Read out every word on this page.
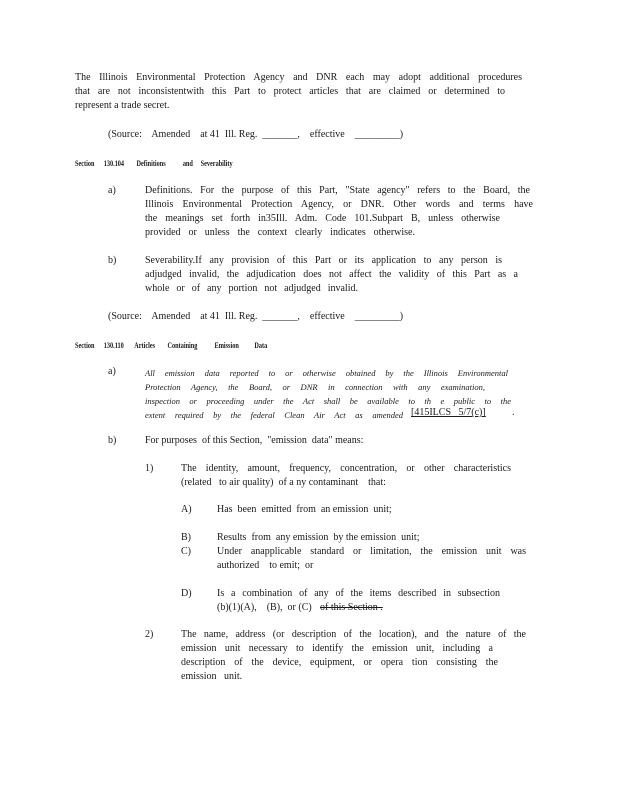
The Illinois Environmental Protection Agency and DNR each may adopt additional procedures
that are not inconsistentwith this Part to protect articles that are claimed or determined to
represent a trade secret.
(Source:    Amended    at 41  Ill. Reg.  _______,    effective    _________)
Section      130.104        Definitions           and     Severability
a)	Definitions. For the purpose of this Part, "State agency" refers to the Board, the
Illinois Environmental Protection Agency, or DNR. Other words and terms have
the meanings set forth in35Ill. Adm. Code 101.Subpart B, unless otherwise
provided or unless the context clearly indicates otherwise.
b)	Severability.If any provision of this Part or its application to any person is
adjudged invalid, the adjudication does not affect the validity of this Part as a
whole or of any portion not adjudged invalid.
(Source:    Amended    at 41  Ill. Reg.  _______,    effective    _________)
Section      130.110       Articles        Containing           Emission          Data
a)	All emission data reported to or otherwise obtained by the Illinois Environmental
Protection Agency, the Board, or DNR in connection with any examination,
inspection or proceeding under the Act shall be available to th e public to the
extent required by the federal Clean Air Act as amended [415ILCS   5/7(c)]	.
b)	For purposes  of this Section,  "emission  data" means:
1)	The identity, amount, frequency, concentration, or other characteristics
(related   to air quality)  of a ny contaminant    that:
A)	Has  been  emitted  from  an emission  unit;
B)	Results  from  any emission  by the emission  unit;
C)	Under anapplicable standard or limitation, the emission unit was
authorized    to emit;  or
D)	Is a combination of any of the items described in subsection
(b)(1)(A),    (B),  or (C) of this Section .
2)	The name, address (or description of the location), and the nature of the
emission unit necessary to identify the emission unit, including a
description of the device, equipment, or opera tion consisting the
emission   unit.
